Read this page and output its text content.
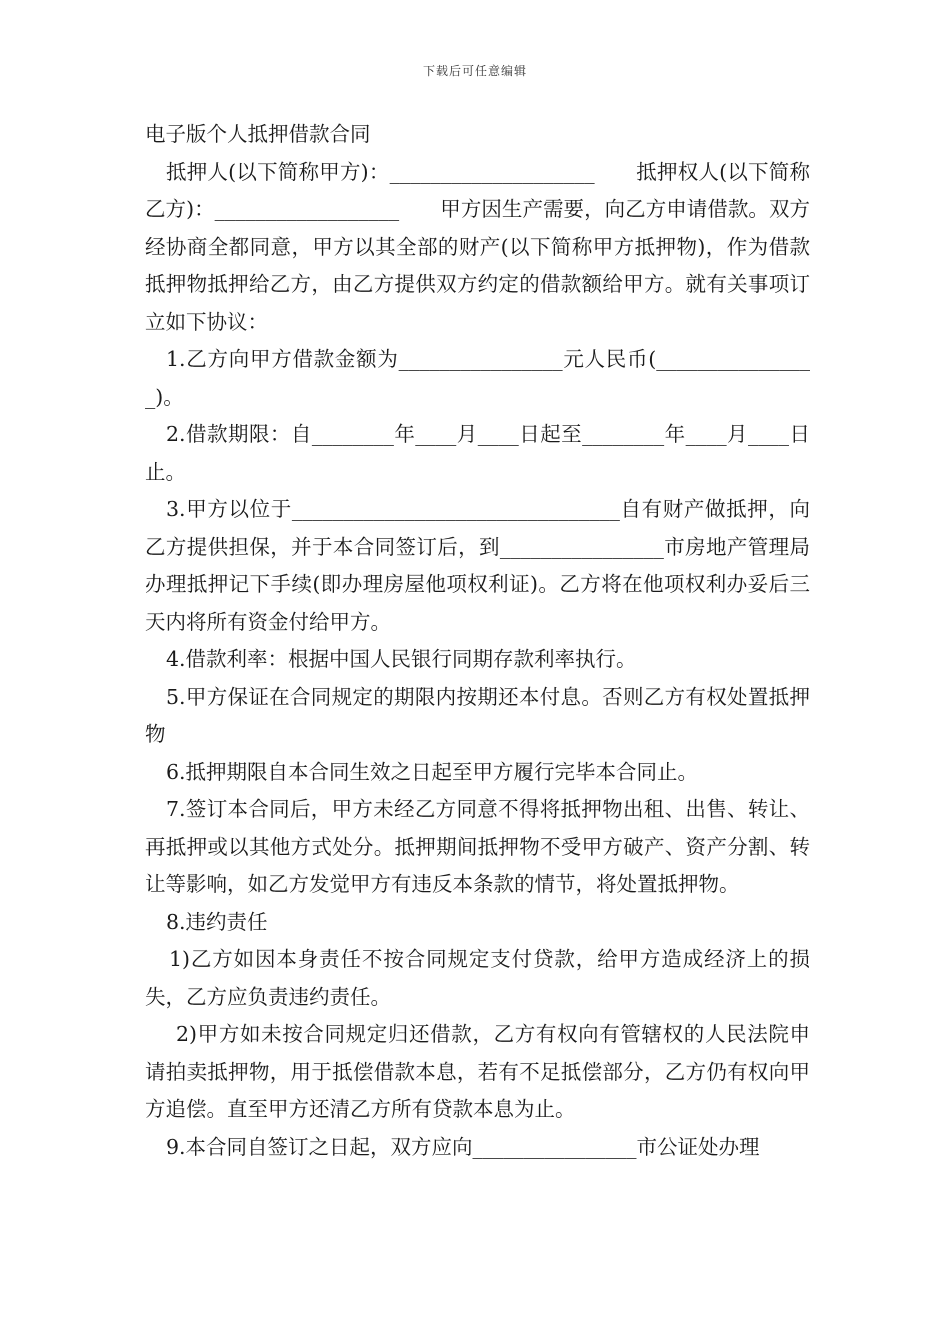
下载后可任意编辑
电子版个人抵押借款合同

抵押人(以下简称甲方)：____________________　　抵押权人(以下简称乙方)：__________________　　甲方因生产需要，向乙方申请借款。双方经协商全都同意，甲方以其全部的财产(以下简称甲方抵押物)，作为借款抵押物抵押给乙方，由乙方提供双方约定的借款额给甲方。就有关事项订立如下协议：

1.乙方向甲方借款金额为________________元人民币(________________)。

2.借款期限：自________年____月____日起至________年____月____日止。

3.甲方以位于________________________________自有财产做抵押，向乙方提供担保，并于本合同签订后，到________________市房地产管理局办理抵押记下手续(即办理房屋他项权利证)。乙方将在他项权利办妥后三天内将所有资金付给甲方。

4.借款利率：根据中国人民银行同期存款利率执行。

5.甲方保证在合同规定的期限内按期还本付息。否则乙方有权处置抵押物

6.抵押期限自本合同生效之日起至甲方履行完毕本合同止。

7.签订本合同后，甲方未经乙方同意不得将抵押物出租、出售、转让、再抵押或以其他方式处分。抵押期间抵押物不受甲方破产、资产分割、转让等影响，如乙方发觉甲方有违反本条款的情节，将处置抵押物。

8.违约责任

1)乙方如因本身责任不按合同规定支付贷款，给甲方造成经济上的损失，乙方应负责违约责任。

2)甲方如未按合同规定归还借款，乙方有权向有管辖权的人民法院申请拍卖抵押物，用于抵偿借款本息，若有不足抵偿部分，乙方仍有权向甲方追偿。直至甲方还清乙方所有贷款本息为止。

9.本合同自签订之日起，双方应向________________市公证处办理
